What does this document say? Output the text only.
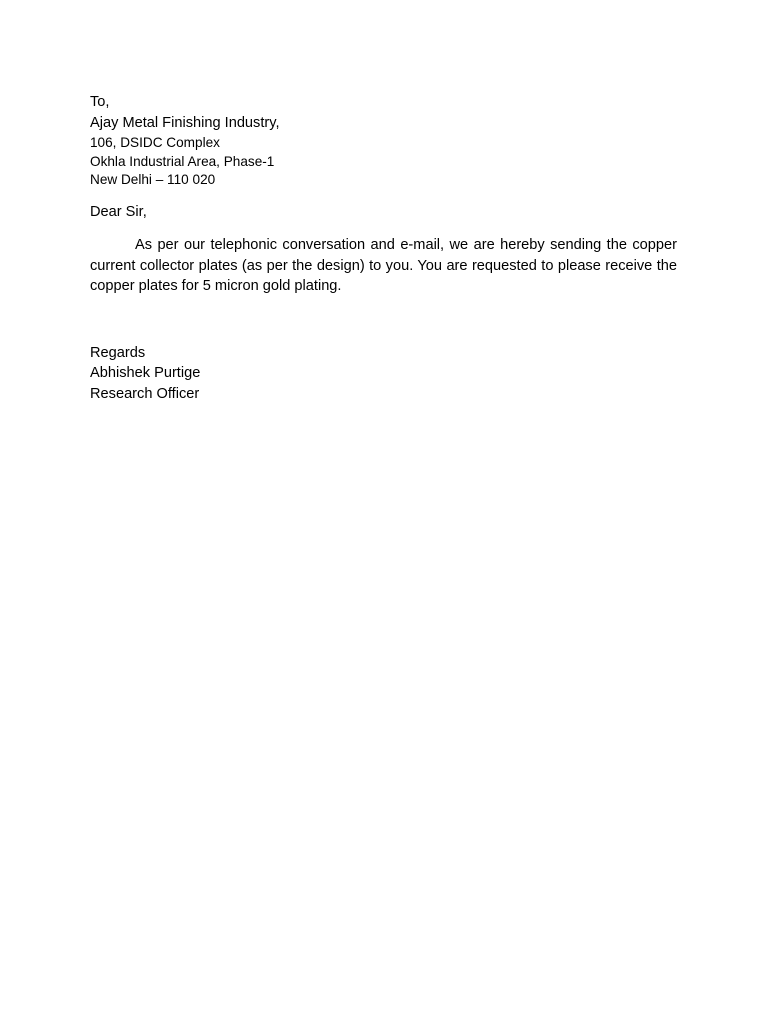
To,
Ajay Metal Finishing Industry,
106, DSIDC Complex
Okhla Industrial Area, Phase-1
New Delhi – 110 020
Dear Sir,

As per our telephonic conversation and e-mail, we are hereby sending the copper current collector plates (as per the design) to you. You are requested to please receive the copper plates for 5 micron gold plating.

Regards
Abhishek Purtige
Research Officer
